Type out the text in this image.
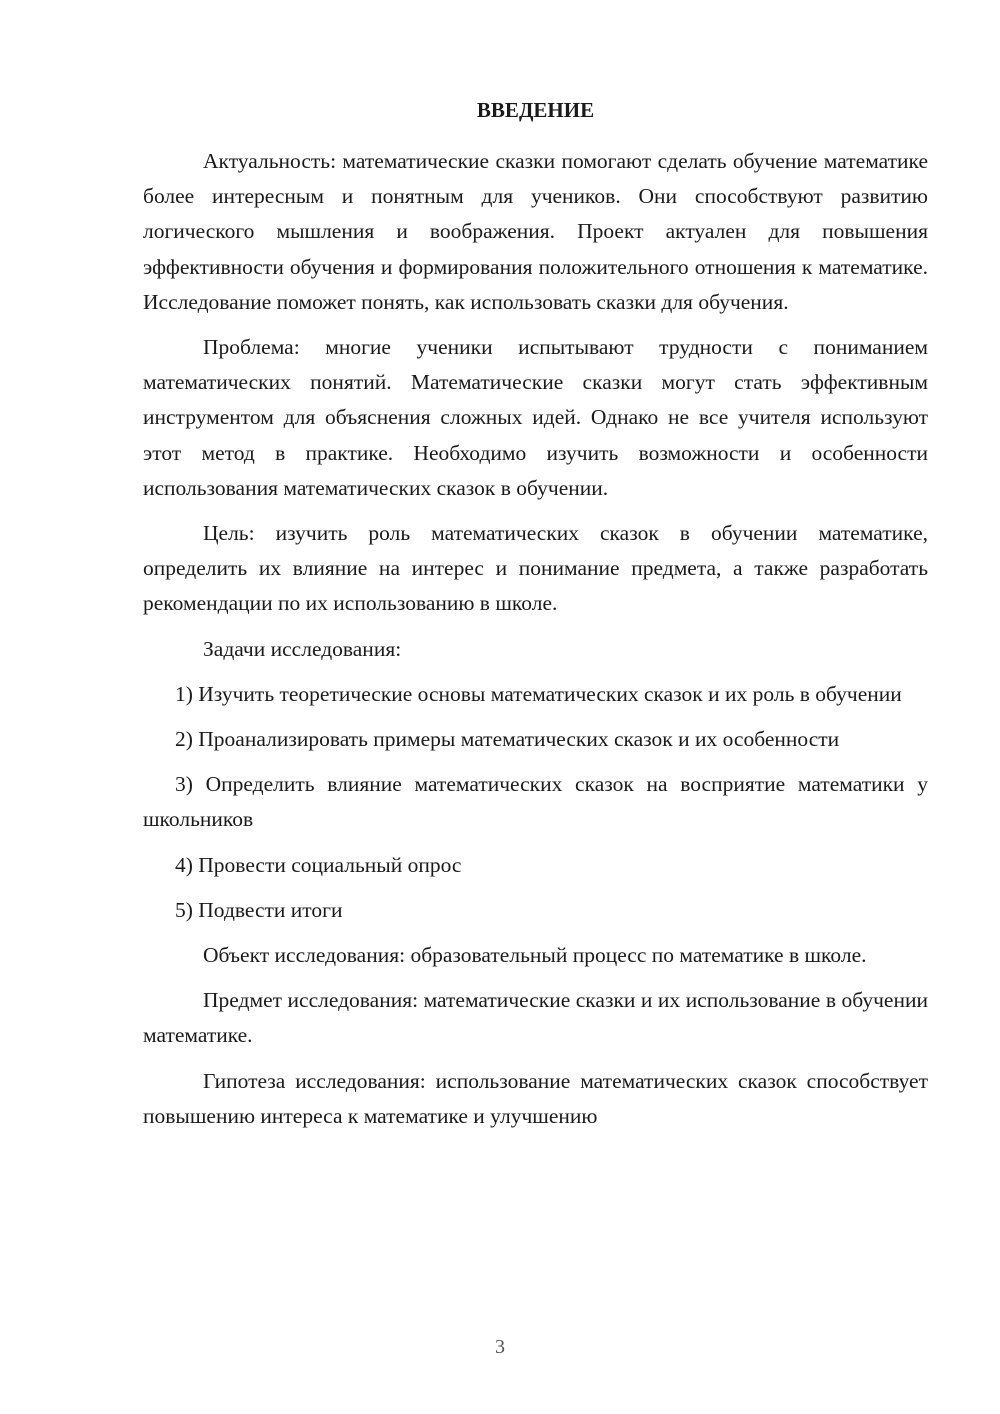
ВВЕДЕНИЕ

Актуальность: математические сказки помогают сделать обучение математике более интересным и понятным для учеников. Они способствуют развитию логического мышления и воображения. Проект актуален для повышения эффективности обучения и формирования положительного отношения к математике. Исследование поможет понять, как использовать сказки для обучения.

Проблема: многие ученики испытывают трудности с пониманием математических понятий. Математические сказки могут стать эффективным инструментом для объяснения сложных идей. Однако не все учителя используют этот метод в практике. Необходимо изучить возможности и особенности использования математических сказок в обучении.

Цель: изучить роль математических сказок в обучении математике, определить их влияние на интерес и понимание предмета, а также разработать рекомендации по их использованию в школе.

Задачи исследования:

1) Изучить теоретические основы математических сказок и их роль в обучении

2) Проанализировать примеры математических сказок и их особенности

3) Определить влияние математических сказок на восприятие математики у школьников

4) Провести социальный опрос

5) Подвести итоги

Объект исследования: образовательный процесс по математике в школе.

Предмет исследования: математические сказки и их использование в обучении математике.

Гипотеза исследования: использование математических сказок способствует повышению интереса к математике и улучшению

3
